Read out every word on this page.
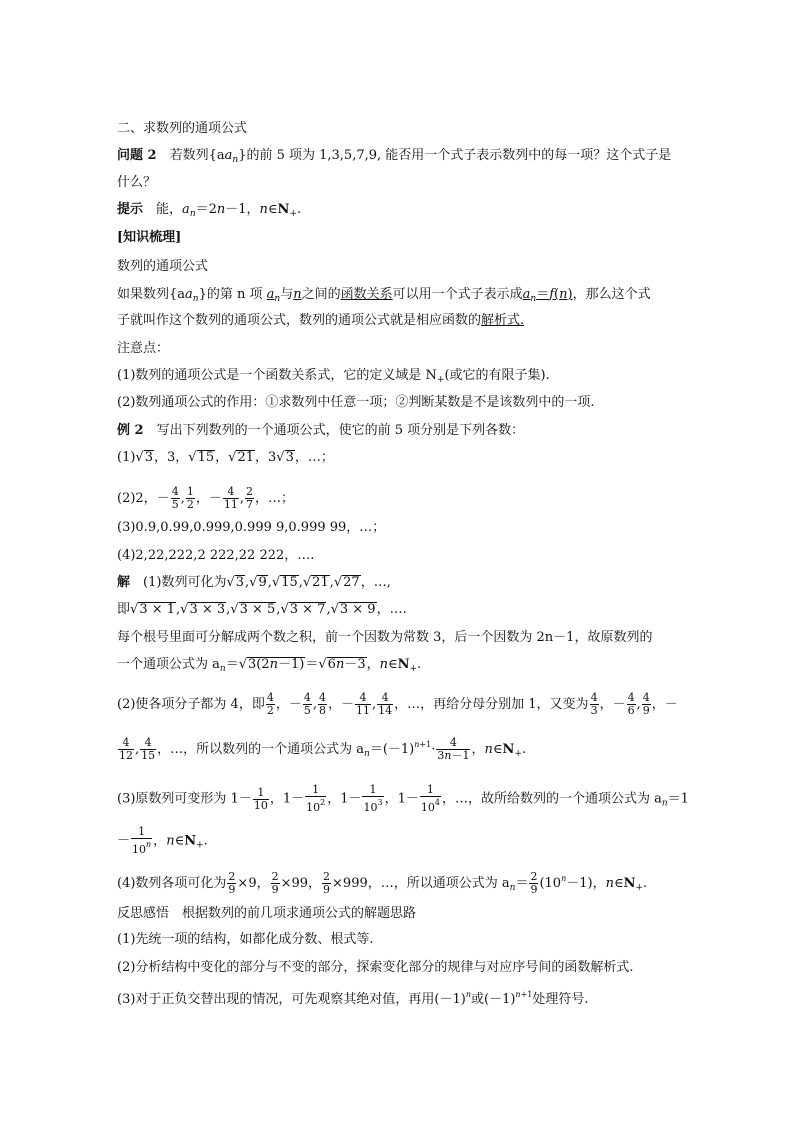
二、求数列的通项公式
问题 2　 若数列$\{aa_n\}$的前 5 项为 1,3,5,7,9, 能否用一个式子表示数列中的每一项？这个式子是
什么？
提示　 能，$a_n=2n-1$，$n\in N_+$.
[知识梳理]
数列的通项公式
如果数列$\{aa_n\}$的第 n 项 $a_n$与n之间的函数关系可以用一个式子表示成$a_n=f(n)$，那么这个式
子就叫作这个数列的通项公式，数列的通项公式就是相应函数的解析式.
注意点：
(1)数列的通项公式是一个函数关系式，它的定义域是 $N_+$(或它的有限子集).
(2)数列通项公式的作用：①求数列中任意一项；②判断某数是不是该数列中的一项.
例 2　 写出下列数列的一个通项公式，使它的前 5 项分别是下列各数：
(1)√3，3，√15，√21，3√3，…；
(2)2，－ $\frac{4}{5}$ , $\frac{1}{2}$ ，－ $\frac{4}{11}$ , $\frac{2}{7}$ ，…；
(3)0.9,0.99,0.999,0.999 9,0.999 99，…；
(4)2,22,222,2 222,22 222，….
解　 (1)数列可化为√3,√9,√15,√21,√27，…,
即√3 × 1,√3 × 3,√3 × 5,√3 × 7,√3 × 9，….
每个根号里面可分解成两个数之积，前一个因数为常数 3，后一个因数为 2n－1，故原数列的
一个通项公式为 $a_n=√3(2n-1)=√6n-3$，$n\in N_+$.
(2)使各项分子都为 4，即 $\frac{4}{2}$ ，－ $\frac{4}{5}$ , $\frac{4}{8}$ ，－ $\frac{4}{11}$ , $\frac{4}{14}$ ，…，再给分母分别加 1，又变为 $\frac{4}{3}$ ，－ $\frac{4}{6}$ , $\frac{4}{9}$ ，－
$\frac{4}{12}$ , $\frac{4}{15}$ ，…，所以数列的一个通项公式为 $a_n=(-1)^{n+1}\cdot \frac{4}{3n-1}$ ，$n\in N_+$.
(3)原数列可变形为 $1- \frac{1}{10}$ ，$1- \frac{1}{10^2}$ ，$1- \frac{1}{10^3}$ ，$1- \frac{1}{10^4}$ ，…，故所给数列的一个通项公式为 $a_n=1$
－ $\frac{1}{10^n}$ ，$n\in N_+$.
(4)数列各项可化为 $\frac{2}{9} \times 9$， $\frac{2}{9} \times 99$， $\frac{2}{9} \times 999$，…，所以通项公式为 $a_n= \frac{2}{9} (10^n-1)$，$n\in N_+$.
反思感悟　根据数列的前几项求通项公式的解题思路
(1)先统一项的结构，如都化成分数、根式等.
(2)分析结构中变化的部分与不变的部分，探索变化部分的规律与对应序号间的函数解析式.
(3)对于正负交替出现的情况，可先观察其绝对值，再用$(-1)^n$或$(-1)^{n+1}$处理符号.
